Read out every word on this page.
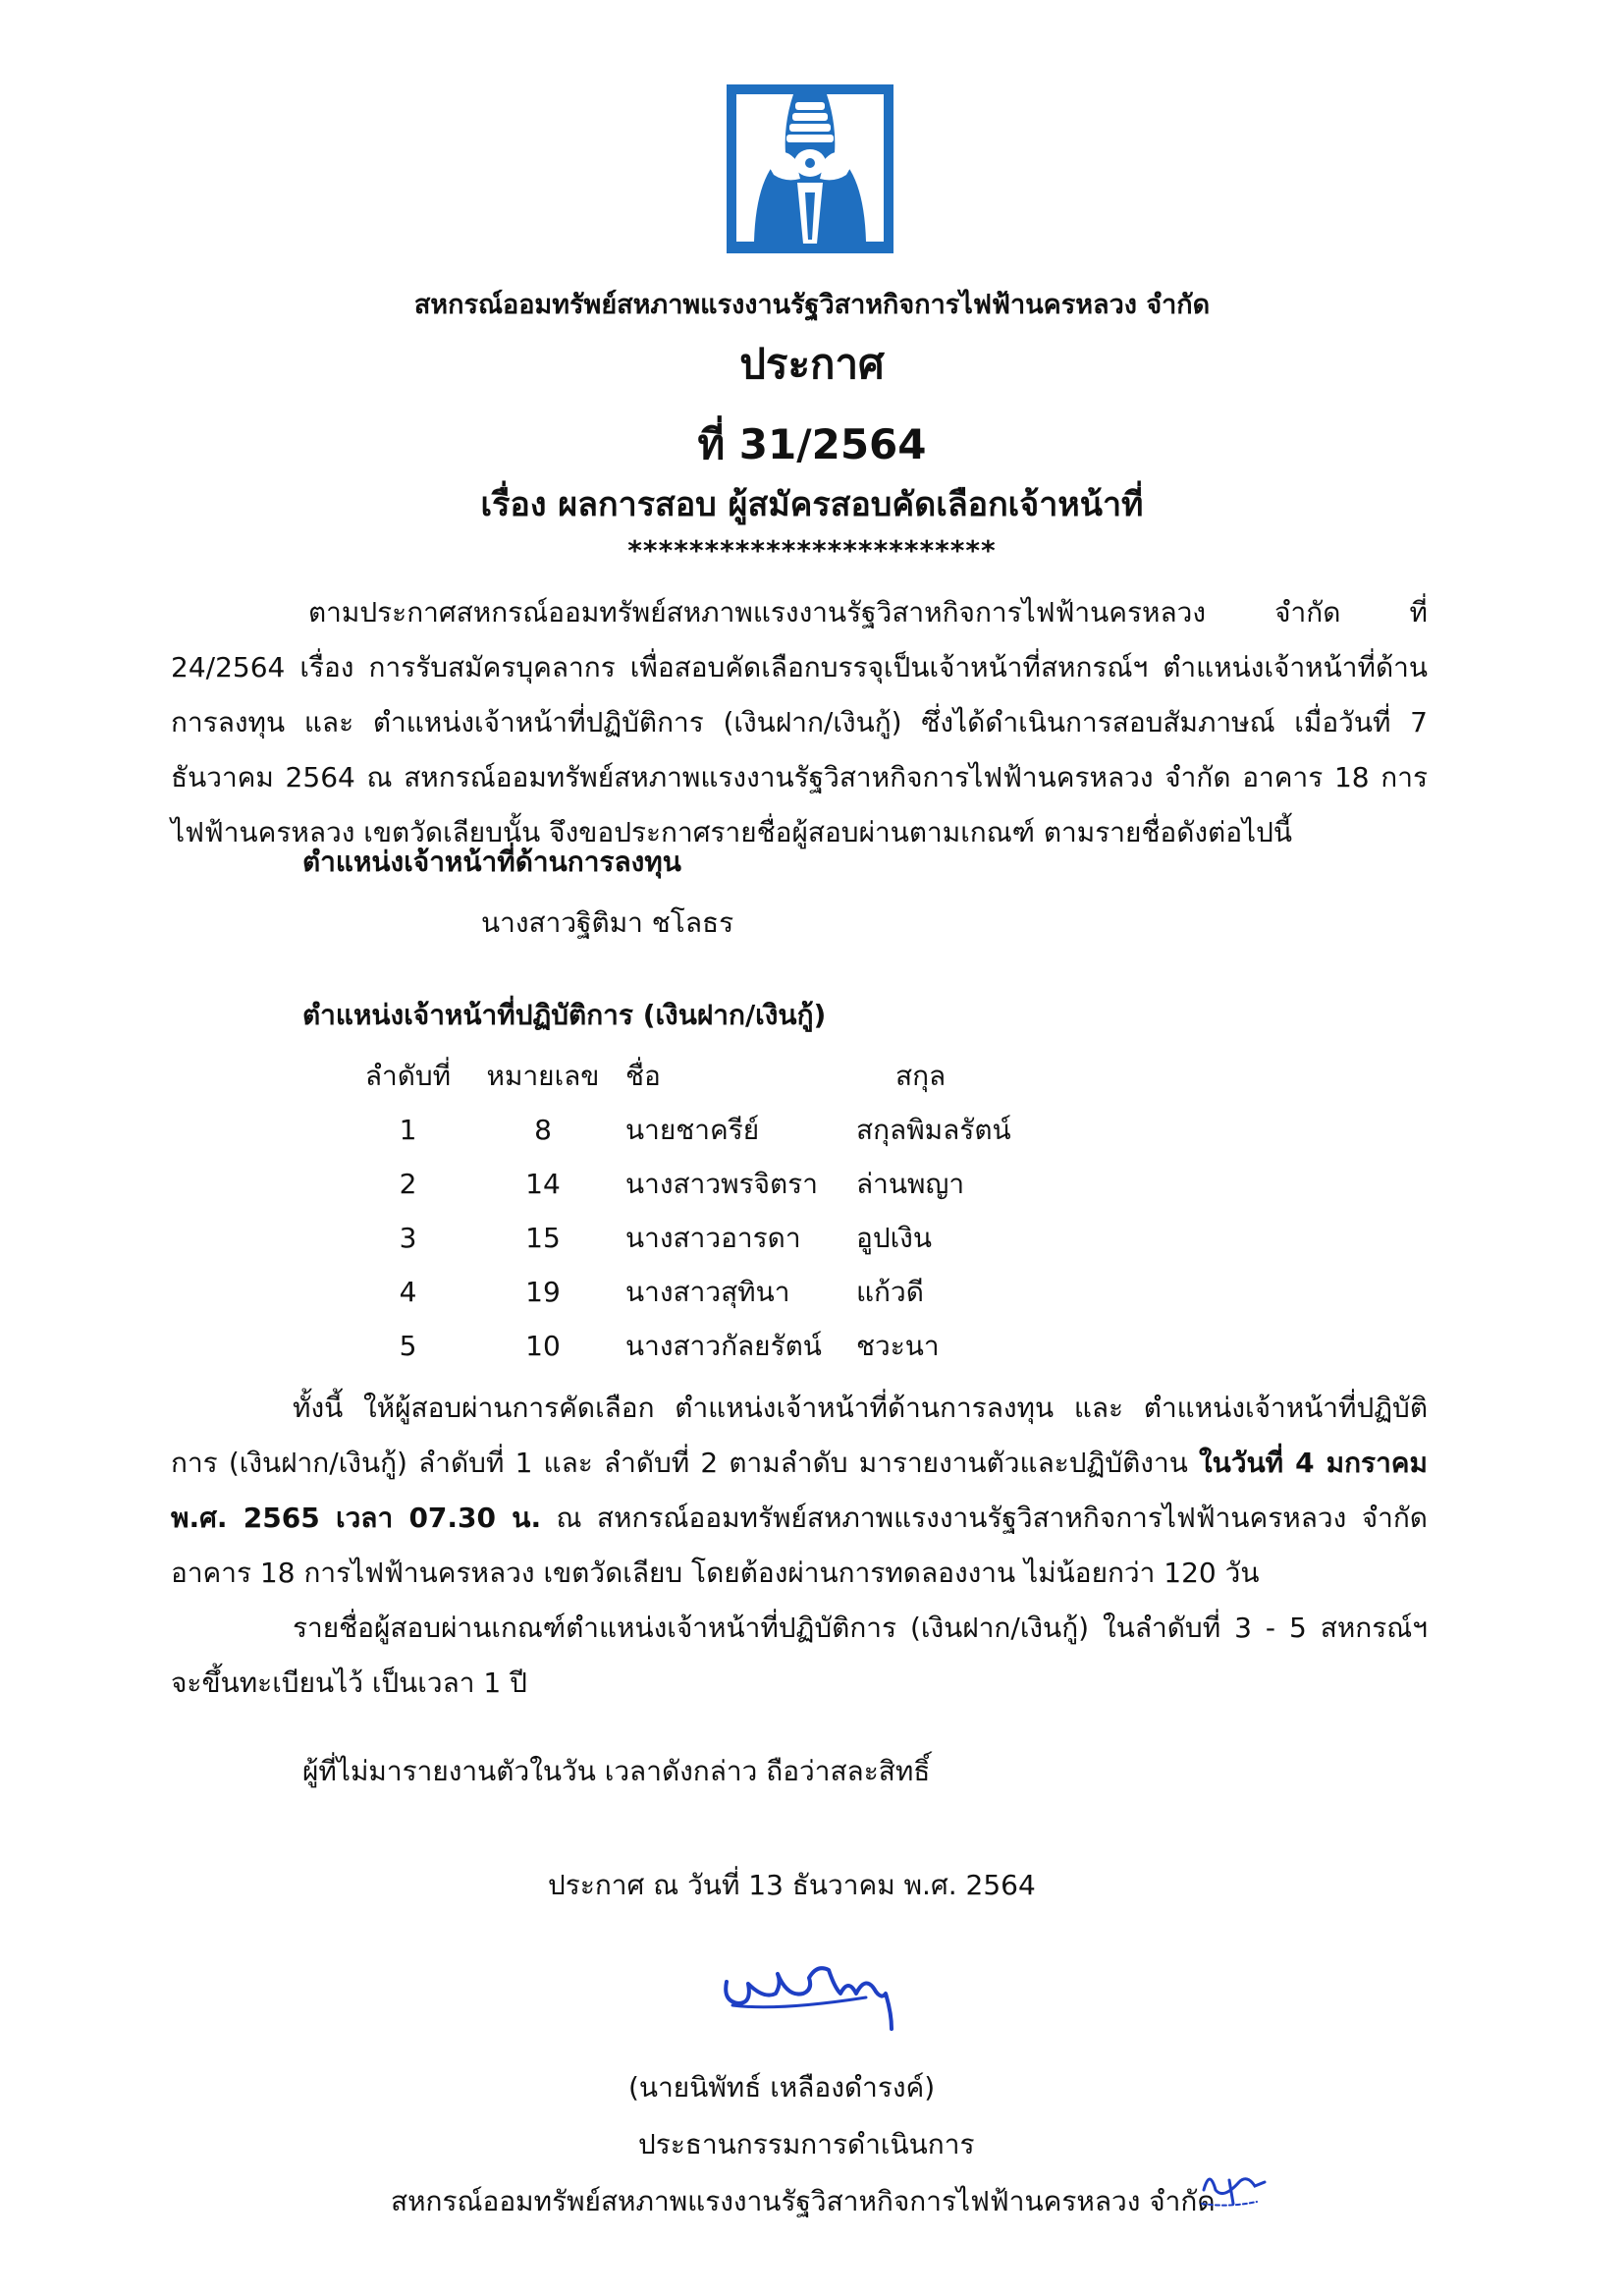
สหกรณ์ออมทรัพย์สหภาพแรงงานรัฐวิสาหกิจการไฟฟ้านครหลวง จำกัด
ประกาศ
ที่ 31/2564
เรื่อง ผลการสอบ ผู้สมัครสอบคัดเลือกเจ้าหน้าที่
************************
ตามประกาศสหกรณ์ออมทรัพย์สหภาพแรงงานรัฐวิสาหกิจการไฟฟ้านครหลวง จำกัด ที่ 24/2564 เรื่อง การรับสมัครบุคลากร เพื่อสอบคัดเลือกบรรจุเป็นเจ้าหน้าที่สหกรณ์ฯ ตำแหน่งเจ้าหน้าที่ด้านการลงทุน และ ตำแหน่งเจ้าหน้าที่ปฏิบัติการ (เงินฝาก/เงินกู้) ซึ่งได้ดำเนินการสอบสัมภาษณ์ เมื่อวันที่ 7 ธันวาคม 2564 ณ สหกรณ์ออมทรัพย์สหภาพแรงงานรัฐวิสาหกิจการไฟฟ้านครหลวง จำกัด อาคาร 18 การไฟฟ้านครหลวง เขตวัดเลียบนั้น จึงขอประกาศรายชื่อผู้สอบผ่านตามเกณฑ์ ตามรายชื่อดังต่อไปนี้
ตำแหน่งเจ้าหน้าที่ด้านการลงทุน
นางสาวฐิติมา ชโลธร
ตำแหน่งเจ้าหน้าที่ปฏิบัติการ (เงินฝาก/เงินกู้)
ลำดับที่	หมายเลข	ชื่อ	สกุล
1	8	นายชาครีย์	สกุลพิมลรัตน์
2	14	นางสาวพรจิตรา	ล่านพญา
3	15	นางสาวอารดา	อูปเงิน
4	19	นางสาวสุทินา	แก้วดี
5	10	นางสาวกัลยรัตน์	ชวะนา
ทั้งนี้ ให้ผู้สอบผ่านการคัดเลือก ตำแหน่งเจ้าหน้าที่ด้านการลงทุน และ ตำแหน่งเจ้าหน้าที่ปฏิบัติการ (เงินฝาก/เงินกู้) ลำดับที่ 1 และ ลำดับที่ 2 ตามลำดับ มารายงานตัวและปฏิบัติงาน ในวันที่ 4 มกราคม พ.ศ. 2565 เวลา 07.30 น. ณ สหกรณ์ออมทรัพย์สหภาพแรงงานรัฐวิสาหกิจการไฟฟ้านครหลวง จำกัด อาคาร 18 การไฟฟ้านครหลวง เขตวัดเลียบ โดยต้องผ่านการทดลองงาน ไม่น้อยกว่า 120 วัน
รายชื่อผู้สอบผ่านเกณฑ์ตำแหน่งเจ้าหน้าที่ปฏิบัติการ (เงินฝาก/เงินกู้) ในลำดับที่ 3 - 5 สหกรณ์ฯ จะขึ้นทะเบียนไว้ เป็นเวลา 1 ปี
ผู้ที่ไม่มารายงานตัวในวัน เวลาดังกล่าว ถือว่าสละสิทธิ์
ประกาศ ณ วันที่ 13 ธันวาคม พ.ศ. 2564
(นายนิพัทธ์ เหลืองดำรงค์)
ประธานกรรมการดำเนินการ
สหกรณ์ออมทรัพย์สหภาพแรงงานรัฐวิสาหกิจการไฟฟ้านครหลวง จำกัด
